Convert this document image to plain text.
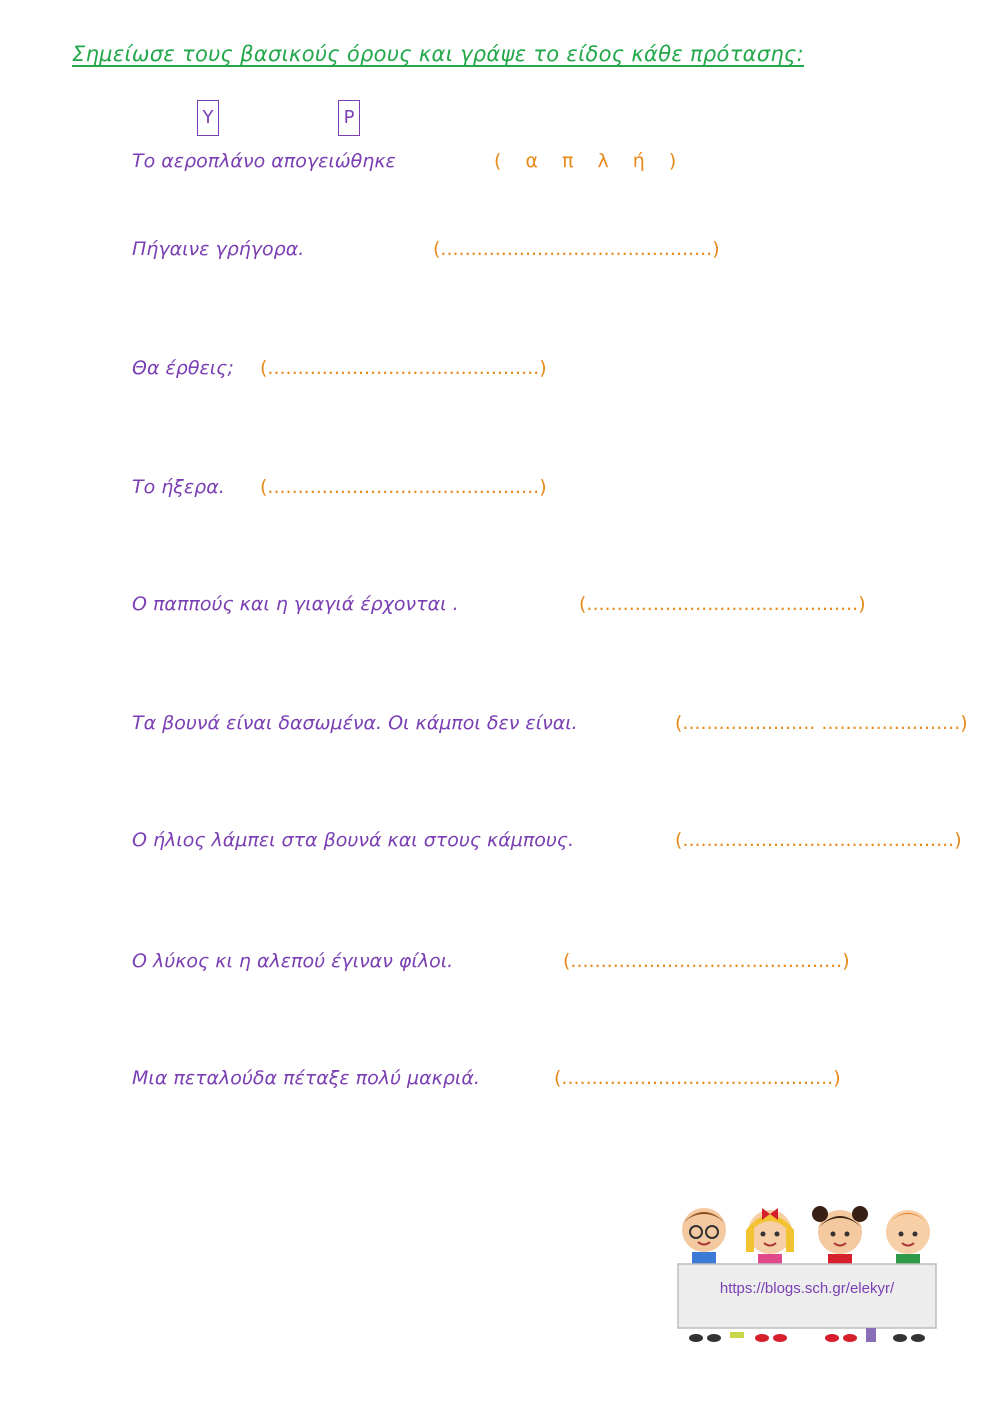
Σημείωσε τους βασικούς όρους και γράψε το είδος κάθε πρότασης:
Υ	Ρ
Το αεροπλάνο απογειώθηκε	( α π λ ή )
Πήγαινε γρήγορα.	(.............................................)
Θα έρθεις; (.............................................)
Το ήξερα. (.............................................)
Ο παππούς και η γιαγιά έρχονται .	(.............................................)
Τα βουνά είναι δασωμένα. Οι κάμποι δεν είναι.	(...................... .......................)
Ο ήλιος λάμπει στα βουνά και στους κάμπους.	(.............................................)
Ο λύκος κι η αλεπού έγιναν φίλοι.	(.............................................)
Μια πεταλούδα πέταξε πολύ μακριά.	(.............................................)
https://blogs.sch.gr/elekyr/
